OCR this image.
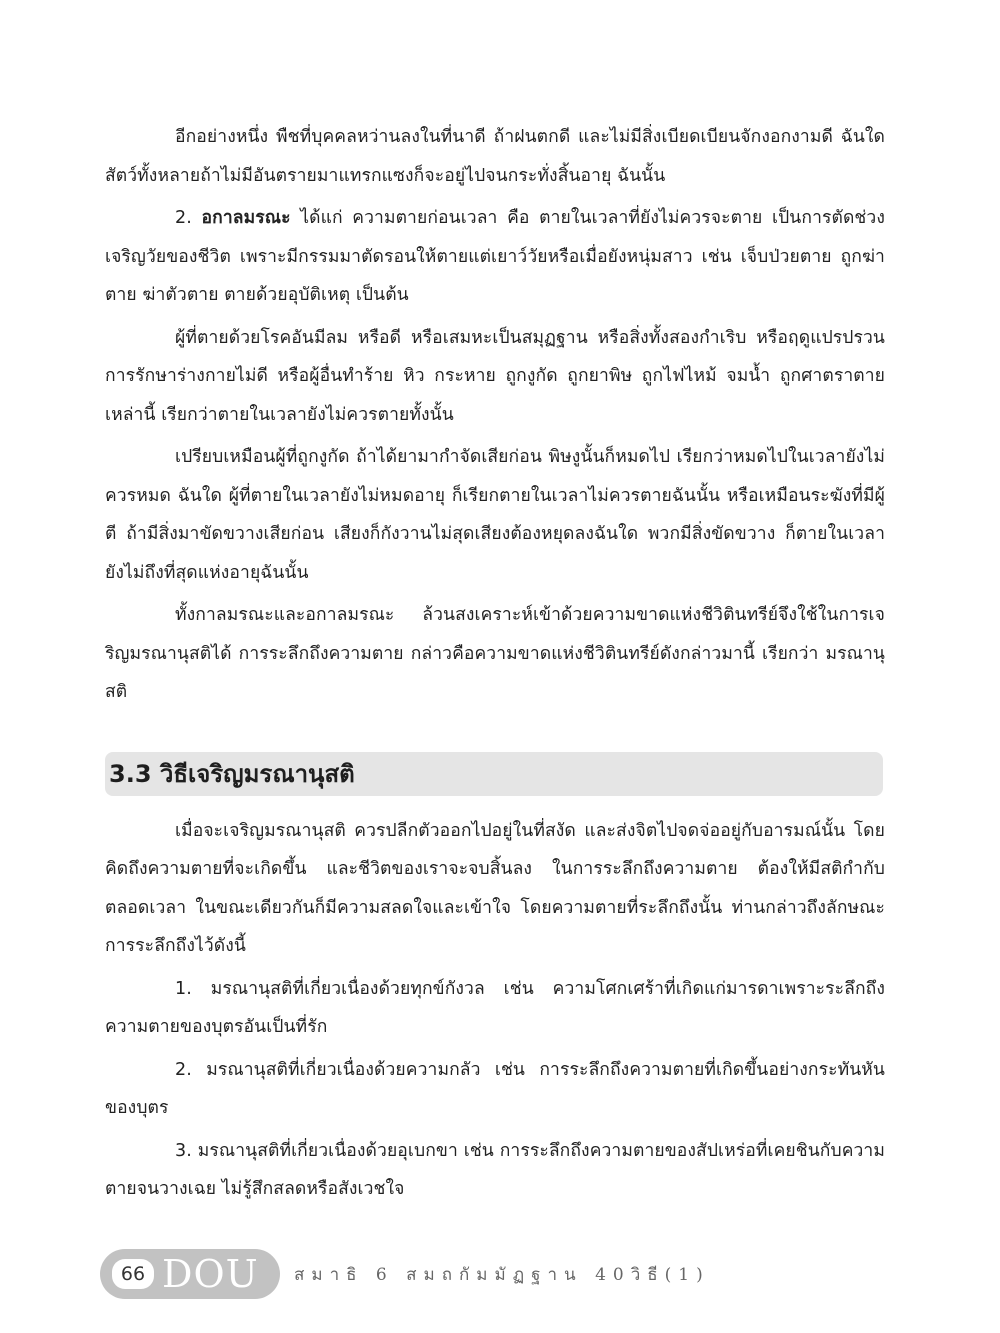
อีกอย่างหนึ่ง พืชที่บุคคลหว่านลงในที่นาดี ถ้าฝนตกดี และไม่มีสิ่งเบียดเบียนจักงอกงามดี ฉันใด สัตว์ทั้งหลายถ้าไม่มีอันตรายมาแทรกแซงก็จะอยู่ไปจนกระทั่งสิ้นอายุ ฉันนั้น

2. อกาลมรณะ ได้แก่ ความตายก่อนเวลา คือ ตายในเวลาที่ยังไม่ควรจะตาย เป็นการตัดช่วงเจริญวัยของชีวิต เพราะมีกรรมมาตัดรอนให้ตายแต่เยาว์วัยหรือเมื่อยังหนุ่มสาว เช่น เจ็บป่วยตาย ถูกฆ่าตาย ฆ่าตัวตาย ตายด้วยอุบัติเหตุ เป็นต้น

ผู้ที่ตายด้วยโรคอันมีลม หรือดี หรือเสมหะเป็นสมุฏฐาน หรือสิ่งทั้งสองกำเริบ หรือฤดูแปรปรวน การรักษาร่างกายไม่ดี หรือผู้อื่นทำร้าย หิว กระหาย ถูกงูกัด ถูกยาพิษ ถูกไฟไหม้ จมน้ำ ถูกศาตราตาย เหล่านี้ เรียกว่าตายในเวลายังไม่ควรตายทั้งนั้น

เปรียบเหมือนผู้ที่ถูกงูกัด ถ้าได้ยามากำจัดเสียก่อน พิษงูนั้นก็หมดไป เรียกว่าหมดไปในเวลายังไม่ควรหมด ฉันใด ผู้ที่ตายในเวลายังไม่หมดอายุ ก็เรียกตายในเวลาไม่ควรตายฉันนั้น หรือเหมือนระฆังที่มีผู้ตี ถ้ามีสิ่งมาขัดขวางเสียก่อน เสียงก็กังวานไม่สุดเสียงต้องหยุดลงฉันใด พวกมีสิ่งขัดขวาง ก็ตายในเวลายังไม่ถึงที่สุดแห่งอายุฉันนั้น

ทั้งกาลมรณะและอกาลมรณะ ล้วนสงเคราะห์เข้าด้วยความขาดแห่งชีวิตินทรีย์จึงใช้ในการเจริญมรณานุสติได้ การระลึกถึงความตาย กล่าวคือความขาดแห่งชีวิตินทรีย์ดังกล่าวมานี้ เรียกว่า มรณานุสติ

3.3 วิธีเจริญมรณานุสติ

เมื่อจะเจริญมรณานุสติ ควรปลีกตัวออกไปอยู่ในที่สงัด และส่งจิตไปจดจ่ออยู่กับอารมณ์นั้น โดยคิดถึงความตายที่จะเกิดขึ้น และชีวิตของเราจะจบสิ้นลง ในการระลึกถึงความตาย ต้องให้มีสติกำกับตลอดเวลา ในขณะเดียวกันก็มีความสลดใจและเข้าใจ โดยความตายที่ระลึกถึงนั้น ท่านกล่าวถึงลักษณะการระลึกถึงไว้ดังนี้

1. มรณานุสติที่เกี่ยวเนื่องด้วยทุกข์กังวล เช่น ความโศกเศร้าที่เกิดแก่มารดาเพราะระลึกถึงความตายของบุตรอันเป็นที่รัก

2. มรณานุสติที่เกี่ยวเนื่องด้วยความกลัว เช่น การระลึกถึงความตายที่เกิดขึ้นอย่างกระทันหันของบุตร

3. มรณานุสติที่เกี่ยวเนื่องด้วยอุเบกขา เช่น การระลึกถึงความตายของสัปเหร่อที่เคยชินกับความตายจนวางเฉย ไม่รู้สึกสลดหรือสังเวชใจ

66 DOU สมาธิ 6 สมถกัมมัฏฐาน 40วิธี(1)
